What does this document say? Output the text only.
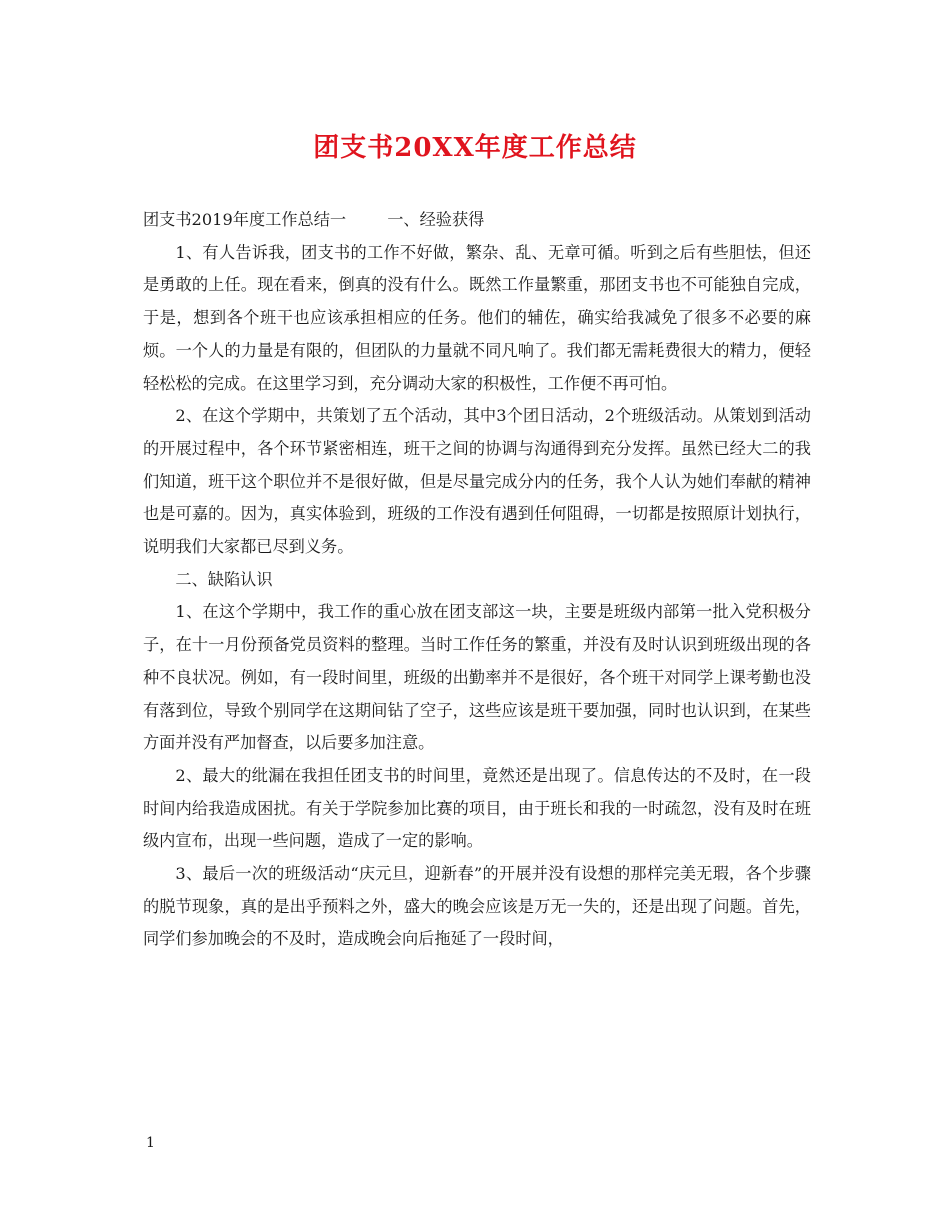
团支书20XX年度工作总结

团支书2019年度工作总结一        一、经验获得

1、有人告诉我，团支书的工作不好做，繁杂、乱、无章可循。听到之后有些胆怯，但还是勇敢的上任。现在看来，倒真的没有什么。既然工作量繁重，那团支书也不可能独自完成，于是，想到各个班干也应该承担相应的任务。他们的辅佐，确实给我减免了很多不必要的麻烦。一个人的力量是有限的，但团队的力量就不同凡响了。我们都无需耗费很大的精力，便轻轻松松的完成。在这里学习到，充分调动大家的积极性，工作便不再可怕。

2、在这个学期中，共策划了五个活动，其中3个团日活动，2个班级活动。从策划到活动的开展过程中，各个环节紧密相连，班干之间的协调与沟通得到充分发挥。虽然已经大二的我们知道，班干这个职位并不是很好做，但是尽量完成分内的任务，我个人认为她们奉献的精神也是可嘉的。因为，真实体验到，班级的工作没有遇到任何阻碍，一切都是按照原计划执行，说明我们大家都已尽到义务。

二、缺陷认识

1、在这个学期中，我工作的重心放在团支部这一块，主要是班级内部第一批入党积极分子，在十一月份预备党员资料的整理。当时工作任务的繁重，并没有及时认识到班级出现的各种不良状况。例如，有一段时间里，班级的出勤率并不是很好，各个班干对同学上课考勤也没有落到位，导致个别同学在这期间钻了空子，这些应该是班干要加强，同时也认识到，在某些方面并没有严加督查，以后要多加注意。

2、最大的纰漏在我担任团支书的时间里，竟然还是出现了。信息传达的不及时，在一段时间内给我造成困扰。有关于学院参加比赛的项目，由于班长和我的一时疏忽，没有及时在班级内宣布，出现一些问题，造成了一定的影响。

3、最后一次的班级活动“庆元旦，迎新春”的开展并没有设想的那样完美无瑕，各个步骤的脱节现象，真的是出乎预料之外，盛大的晚会应该是万无一失的，还是出现了问题。首先，同学们参加晚会的不及时，造成晚会向后拖延了一段时间，

1
